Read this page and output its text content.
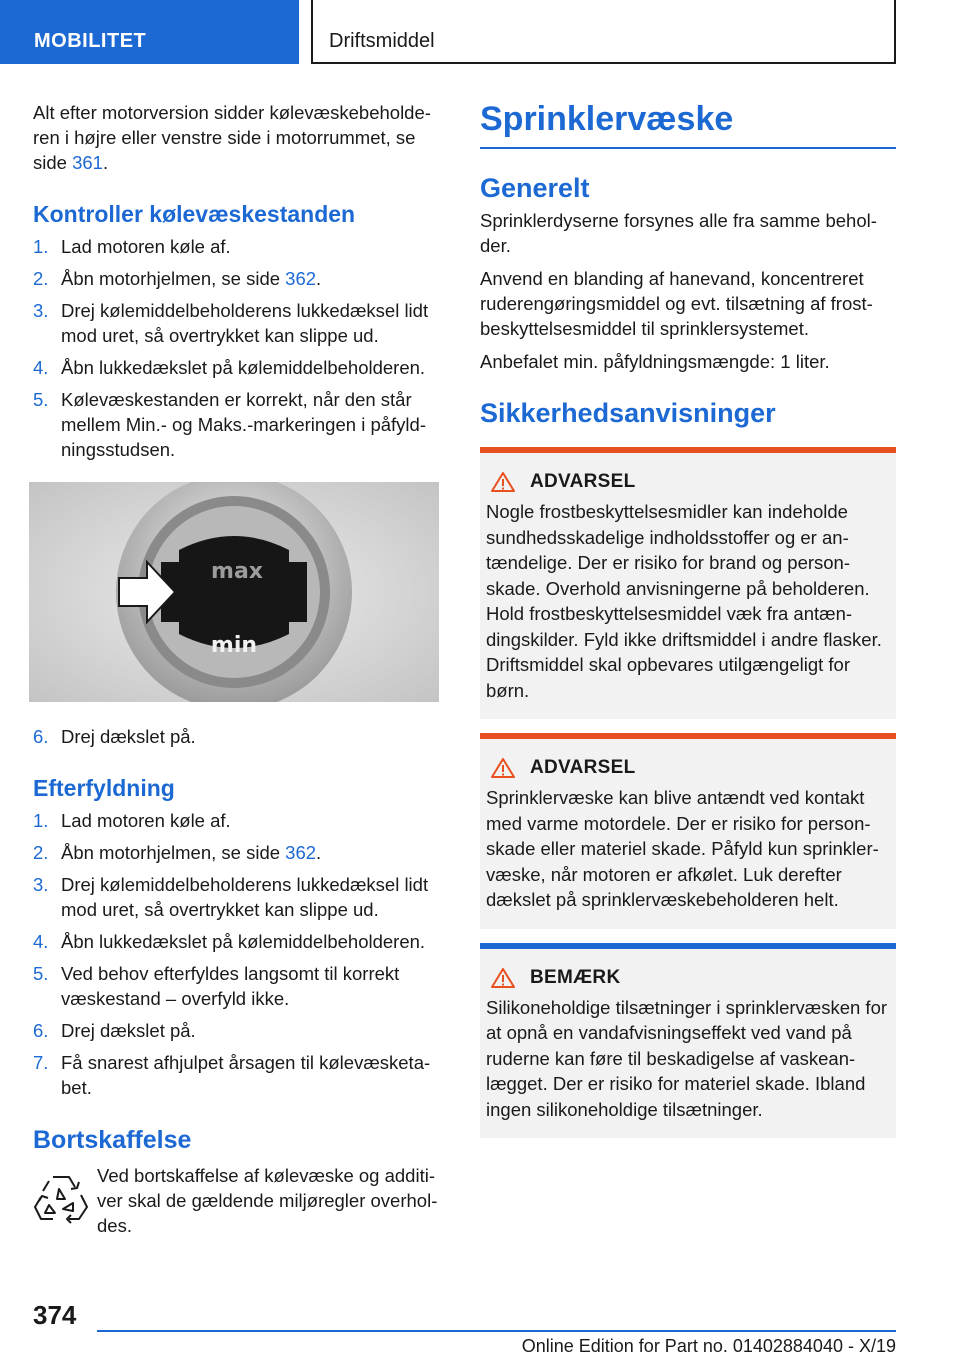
MOBILITET	Driftsmiddel

Alt efter motorversion sidder kølevæskebeholderen i højre eller venstre side i motorrummet, se side 361.

Kontroller kølevæskestanden
1. Lad motoren køle af.
2. Åbn motorhjelmen, se side 362.
3. Drej kølemiddelbeholderens lukkedæksel lidt mod uret, så overtrykket kan slippe ud.
4. Åbn lukkedækslet på kølemiddelbeholderen.
5. Kølevæskestanden er korrekt, når den står mellem Min.- og Maks.-markeringen i påfyldningsstudsen.
max
min
6. Drej dækslet på.
Efterfyldning
1. Lad motoren køle af.
2. Åbn motorhjelmen, se side 362.
3. Drej kølemiddelbeholderens lukkedæksel lidt mod uret, så overtrykket kan slippe ud.
4. Åbn lukkedækslet på kølemiddelbeholderen.
5. Ved behov efterfyldes langsomt til korrekt væskestand – overfyld ikke.
6. Drej dækslet på.
7. Få snarest afhjulpet årsagen til kølevæsketabet.
Bortskaffelse

Ved bortskaffelse af kølevæske og additiver skal de gældende miljøregler overholdes.

Sprinklervæske
Generelt

Sprinklerdyserne forsynes alle fra samme beholder.

Anvend en blanding af hanevand, koncentreret ruderengøringsmiddel og evt. tilsætning af frostbeskyttelsesmiddel til sprinklersystemet.

Anbefalet min. påfyldningsmængde: 1 liter.

Sikkerhedsanvisninger
ADVARSEL

Nogle frostbeskyttelsesmidler kan indeholde sundhedsskadelige indholdsstoffer og er antændelige. Der er risiko for brand og personskade. Overhold anvisningerne på beholderen. Hold frostbeskyttelsesmiddel væk fra antændingskilder. Fyld ikke driftsmiddel i andre flasker. Driftsmiddel skal opbevares utilgængeligt for børn.

ADVARSEL

Sprinklervæske kan blive antændt ved kontakt med varme motordele. Der er risiko for personskade eller materiel skade. Påfyld kun sprinklervæske, når motoren er afkølet. Luk derefter dækslet på sprinklervæskebeholderen helt.

BEMÆRK

Silikoneholdige tilsætninger i sprinklervæsken for at opnå en vandafvisningseffekt ved vand på ruderne kan føre til beskadigelse af vaskeanlægget. Der er risiko for materiel skade. Ibland ingen silikoneholdige tilsætninger.

374
Online Edition for Part no. 01402884040 - X/19
